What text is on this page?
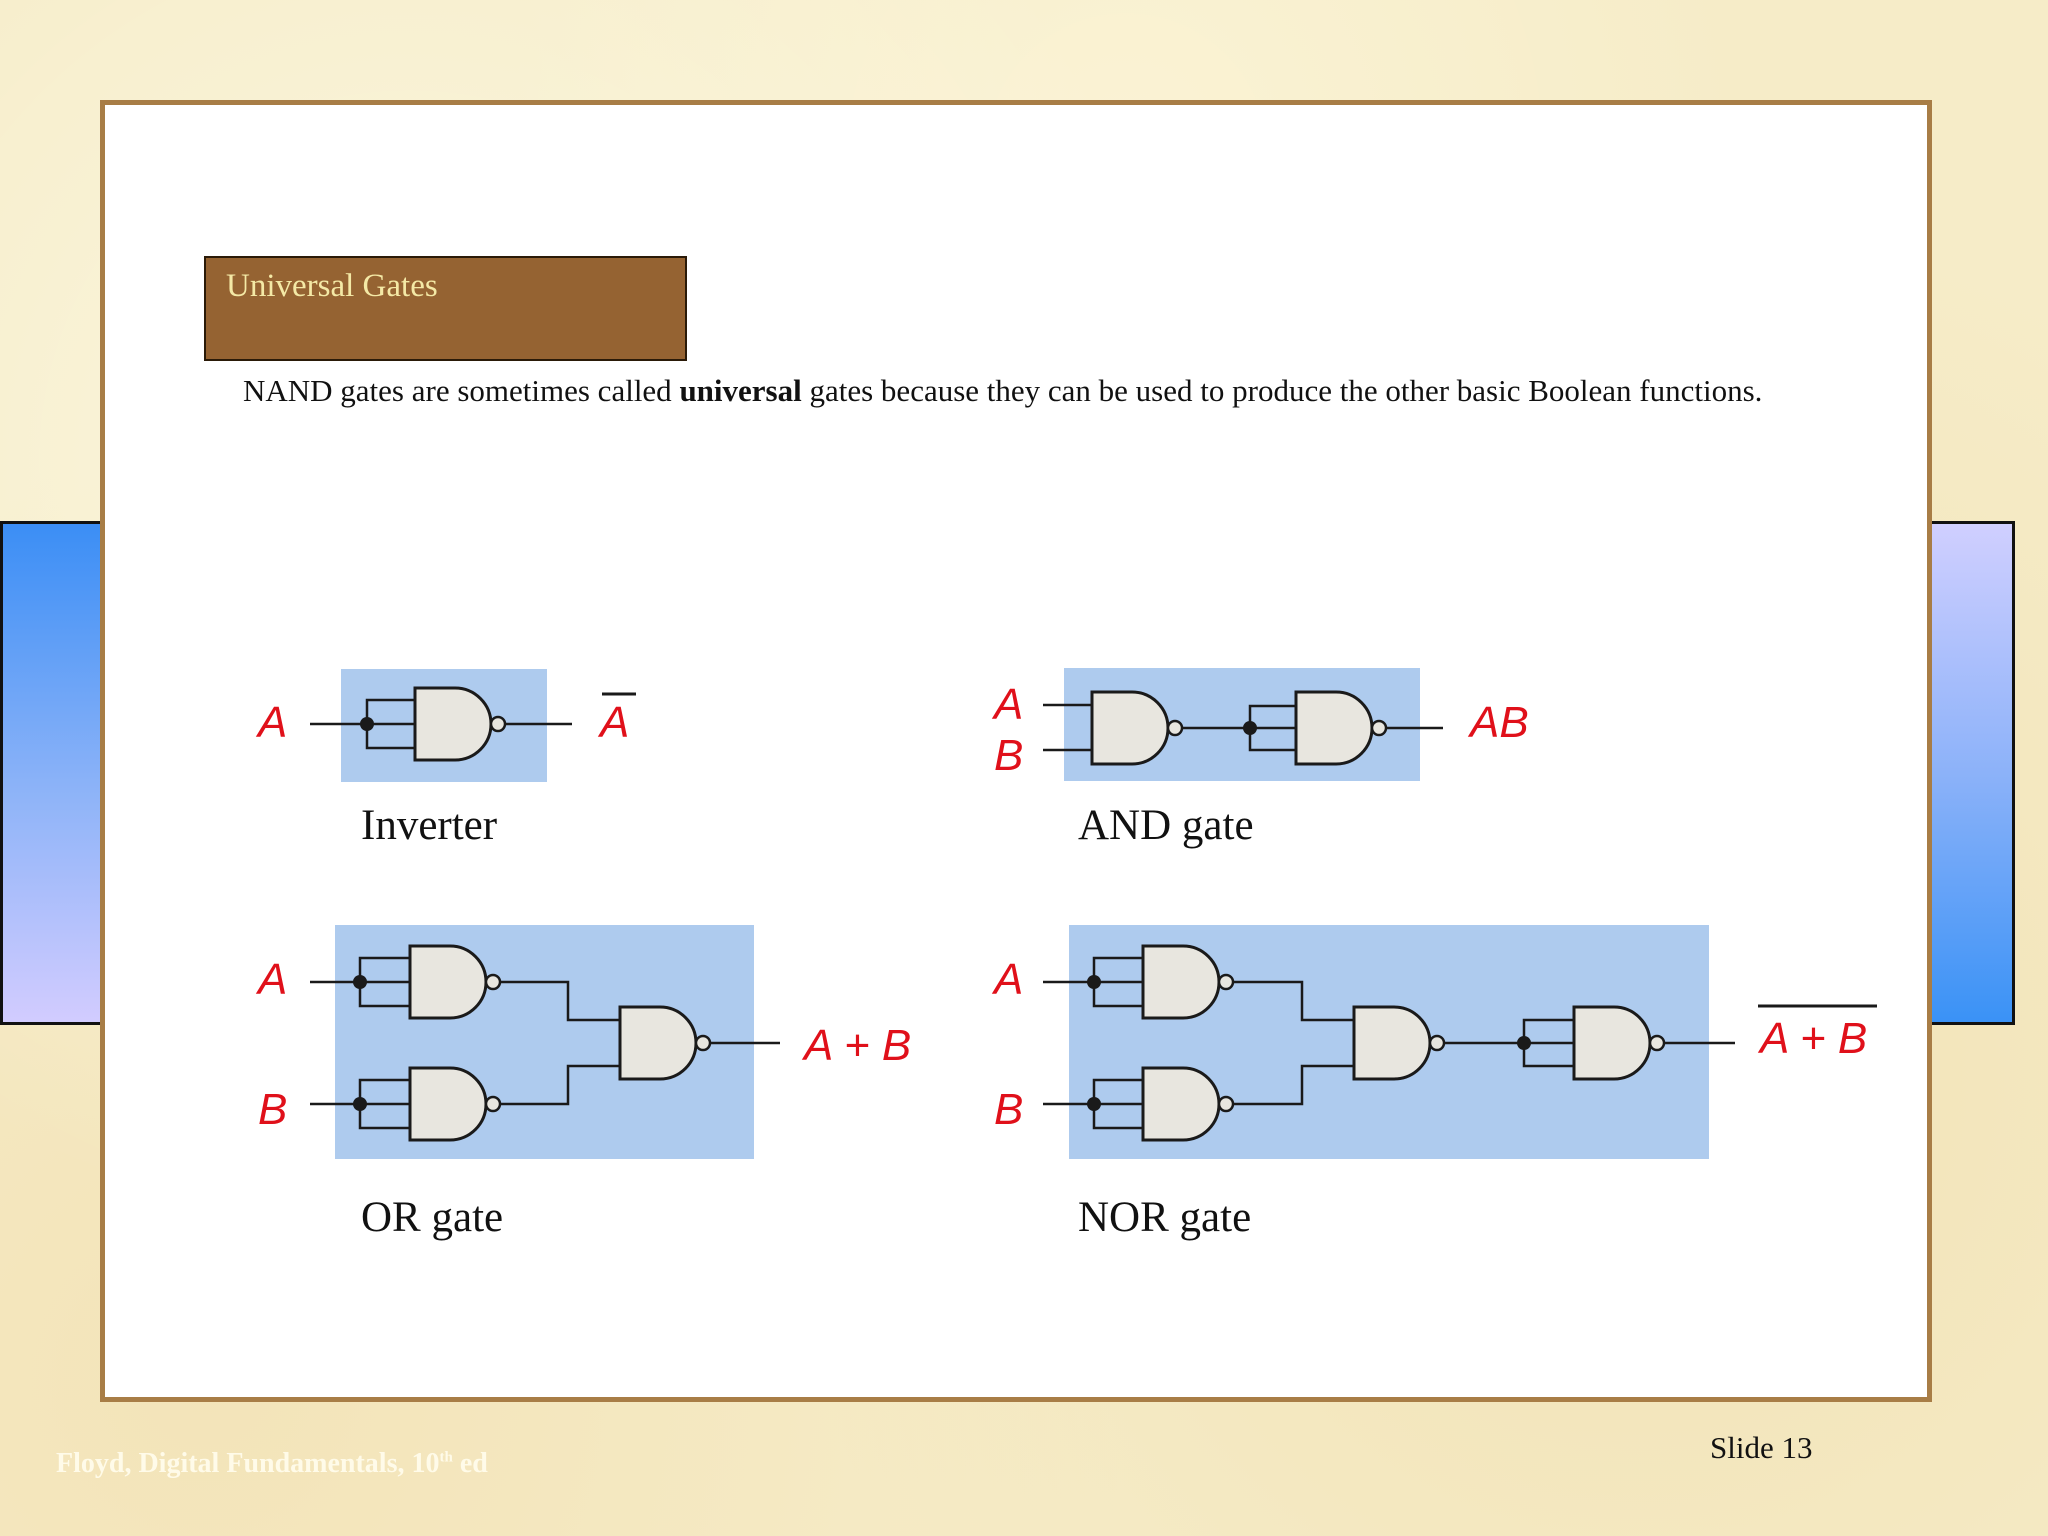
Universal Gates
NAND gates are sometimes called universal gates because they can be used to produce the other basic Boolean functions.
A	A
Inverter
A
B
AB
AND gate
A
B
A + B
OR gate
A
B
A + B
NOR gate
Floyd, Digital Fundamentals, 10th ed	Slide 13
